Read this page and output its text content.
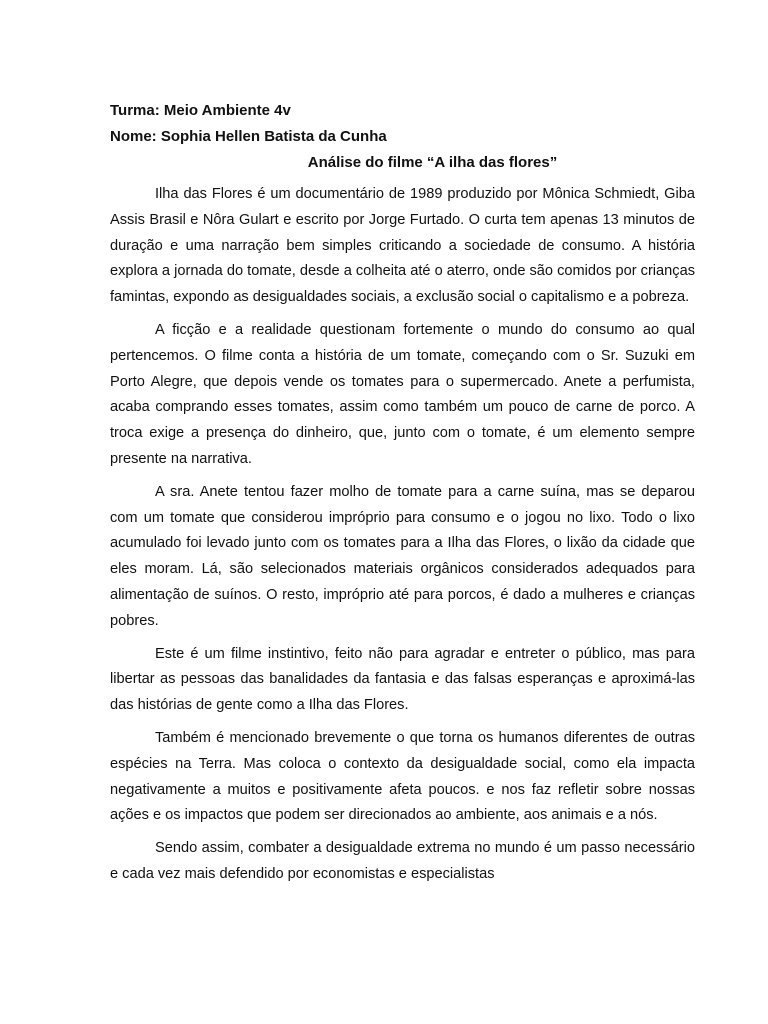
Turma: Meio Ambiente 4v

Nome: Sophia Hellen Batista da Cunha

Análise do filme “A ilha das flores”

Ilha das Flores é um documentário de 1989 produzido por Mônica Schmiedt, Giba Assis Brasil e Nôra Gulart e escrito por Jorge Furtado. O curta tem apenas 13 minutos de duração e uma narração bem simples criticando a sociedade de consumo. A história explora a jornada do tomate, desde a colheita até o aterro, onde são comidos por crianças famintas, expondo as desigualdades sociais, a exclusão social o capitalismo e a pobreza.

A ficção e a realidade questionam fortemente o mundo do consumo ao qual pertencemos. O filme conta a história de um tomate, começando com o Sr. Suzuki em Porto Alegre, que depois vende os tomates para o supermercado. Anete a perfumista, acaba comprando esses tomates, assim como também um pouco de carne de porco. A troca exige a presença do dinheiro, que, junto com o tomate, é um elemento sempre presente na narrativa.

A sra. Anete tentou fazer molho de tomate para a carne suína, mas se deparou com um tomate que considerou impróprio para consumo e o jogou no lixo. Todo o lixo acumulado foi levado junto com os tomates para a Ilha das Flores, o lixão da cidade que eles moram. Lá, são selecionados materiais orgânicos considerados adequados para alimentação de suínos. O resto, impróprio até para porcos, é dado a mulheres e crianças pobres.

Este é um filme instintivo, feito não para agradar e entreter o público, mas para libertar as pessoas das banalidades da fantasia e das falsas esperanças e aproximá-las das histórias de gente como a Ilha das Flores.

Também é mencionado brevemente o que torna os humanos diferentes de outras espécies na Terra. Mas coloca o contexto da desigualdade social, como ela impacta negativamente a muitos e positivamente afeta poucos. e nos faz refletir sobre nossas ações e os impactos que podem ser direcionados ao ambiente, aos animais e a nós.

Sendo assim, combater a desigualdade extrema no mundo é um passo necessário e cada vez mais defendido por economistas e especialistas
